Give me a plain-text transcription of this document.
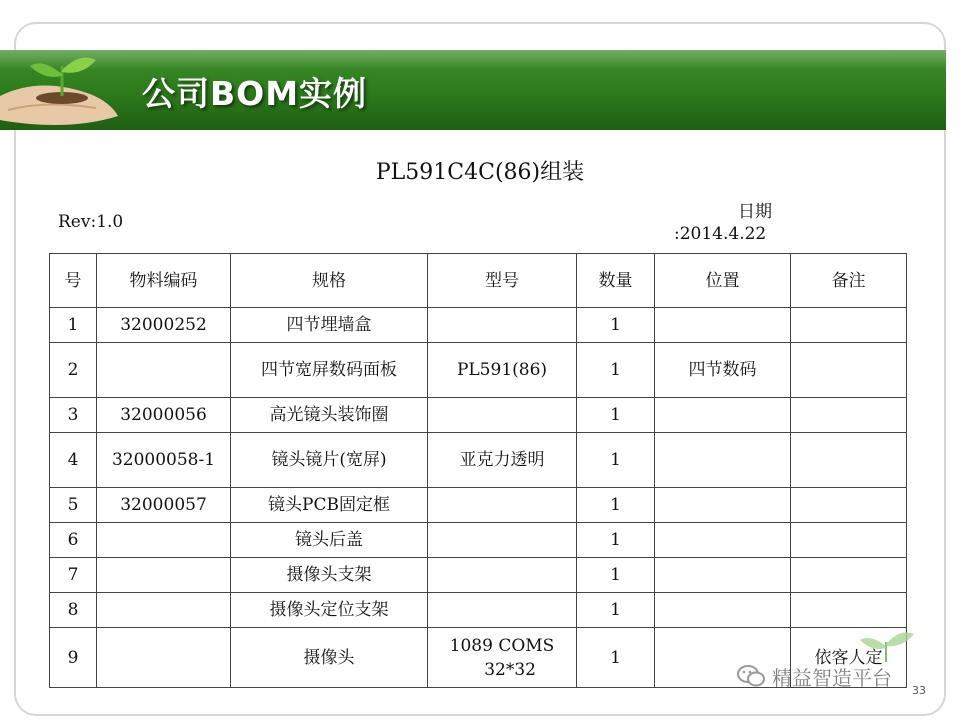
公司BOM实例
PL591C4C(86)组装
Rev:1.0	日期
:2014.4.22
号	物料编码	规格	型号	数量	位置	备注
1	32000252	四节埋墙盒		1		
2		四节宽屏数码面板	PL591(86)	1	四节数码	
3	32000056	高光镜头装饰圈		1		
4	32000058-1	镜头镜片(宽屏)	亚克力透明	1		
5	32000057	镜头PCB固定框		1		
6		镜头后盖		1		
7		摄像头支架		1		
8		摄像头定位支架		1		
9		摄像头	1089 COMS
32*32	1		依客人定
精益智造平台
33
